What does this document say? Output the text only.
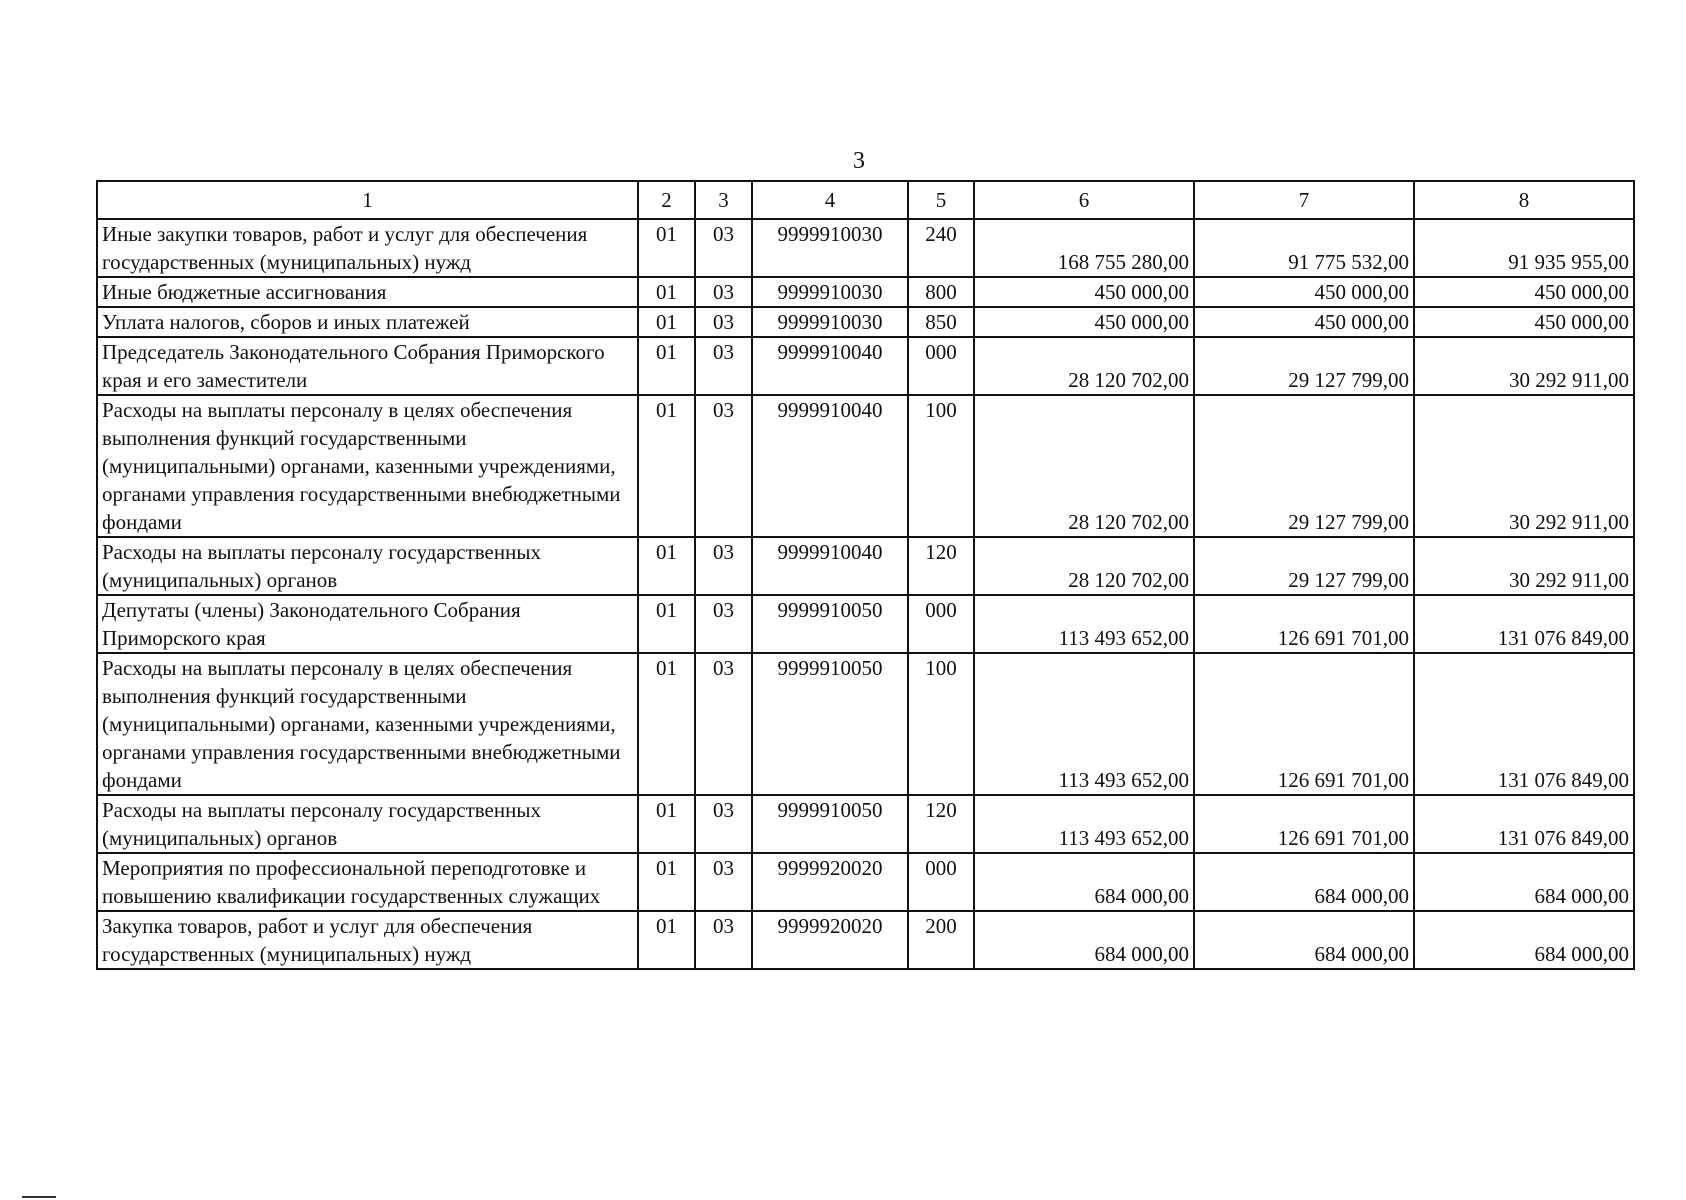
3
1	2	3	4	5	6	7	8
Иные закупки товаров, работ и услуг для обеспечения государственных (муниципальных) нужд	01	03	9999910030	240	168 755 280,00	91 775 532,00	91 935 955,00
Иные бюджетные ассигнования	01	03	9999910030	800	450 000,00	450 000,00	450 000,00
Уплата налогов, сборов и иных платежей	01	03	9999910030	850	450 000,00	450 000,00	450 000,00
Председатель Законодательного Собрания Приморского края и его заместители	01	03	9999910040	000	28 120 702,00	29 127 799,00	30 292 911,00
Расходы на выплаты персоналу в целях обеспечения выполнения функций государственными (муниципальными) органами, казенными учреждениями, органами управления государственными внебюджетными фондами	01	03	9999910040	100	28 120 702,00	29 127 799,00	30 292 911,00
Расходы на выплаты персоналу государственных (муниципальных) органов	01	03	9999910040	120	28 120 702,00	29 127 799,00	30 292 911,00
Депутаты (члены) Законодательного Собрания Приморского края	01	03	9999910050	000	113 493 652,00	126 691 701,00	131 076 849,00
Расходы на выплаты персоналу в целях обеспечения выполнения функций государственными (муниципальными) органами, казенными учреждениями, органами управления государственными внебюджетными фондами	01	03	9999910050	100	113 493 652,00	126 691 701,00	131 076 849,00
Расходы на выплаты персоналу государственных (муниципальных) органов	01	03	9999910050	120	113 493 652,00	126 691 701,00	131 076 849,00
Мероприятия по профессиональной переподготовке и повышению квалификации государственных служащих	01	03	9999920020	000	684 000,00	684 000,00	684 000,00
Закупка товаров, работ и услуг для обеспечения государственных (муниципальных) нужд	01	03	9999920020	200	684 000,00	684 000,00	684 000,00
